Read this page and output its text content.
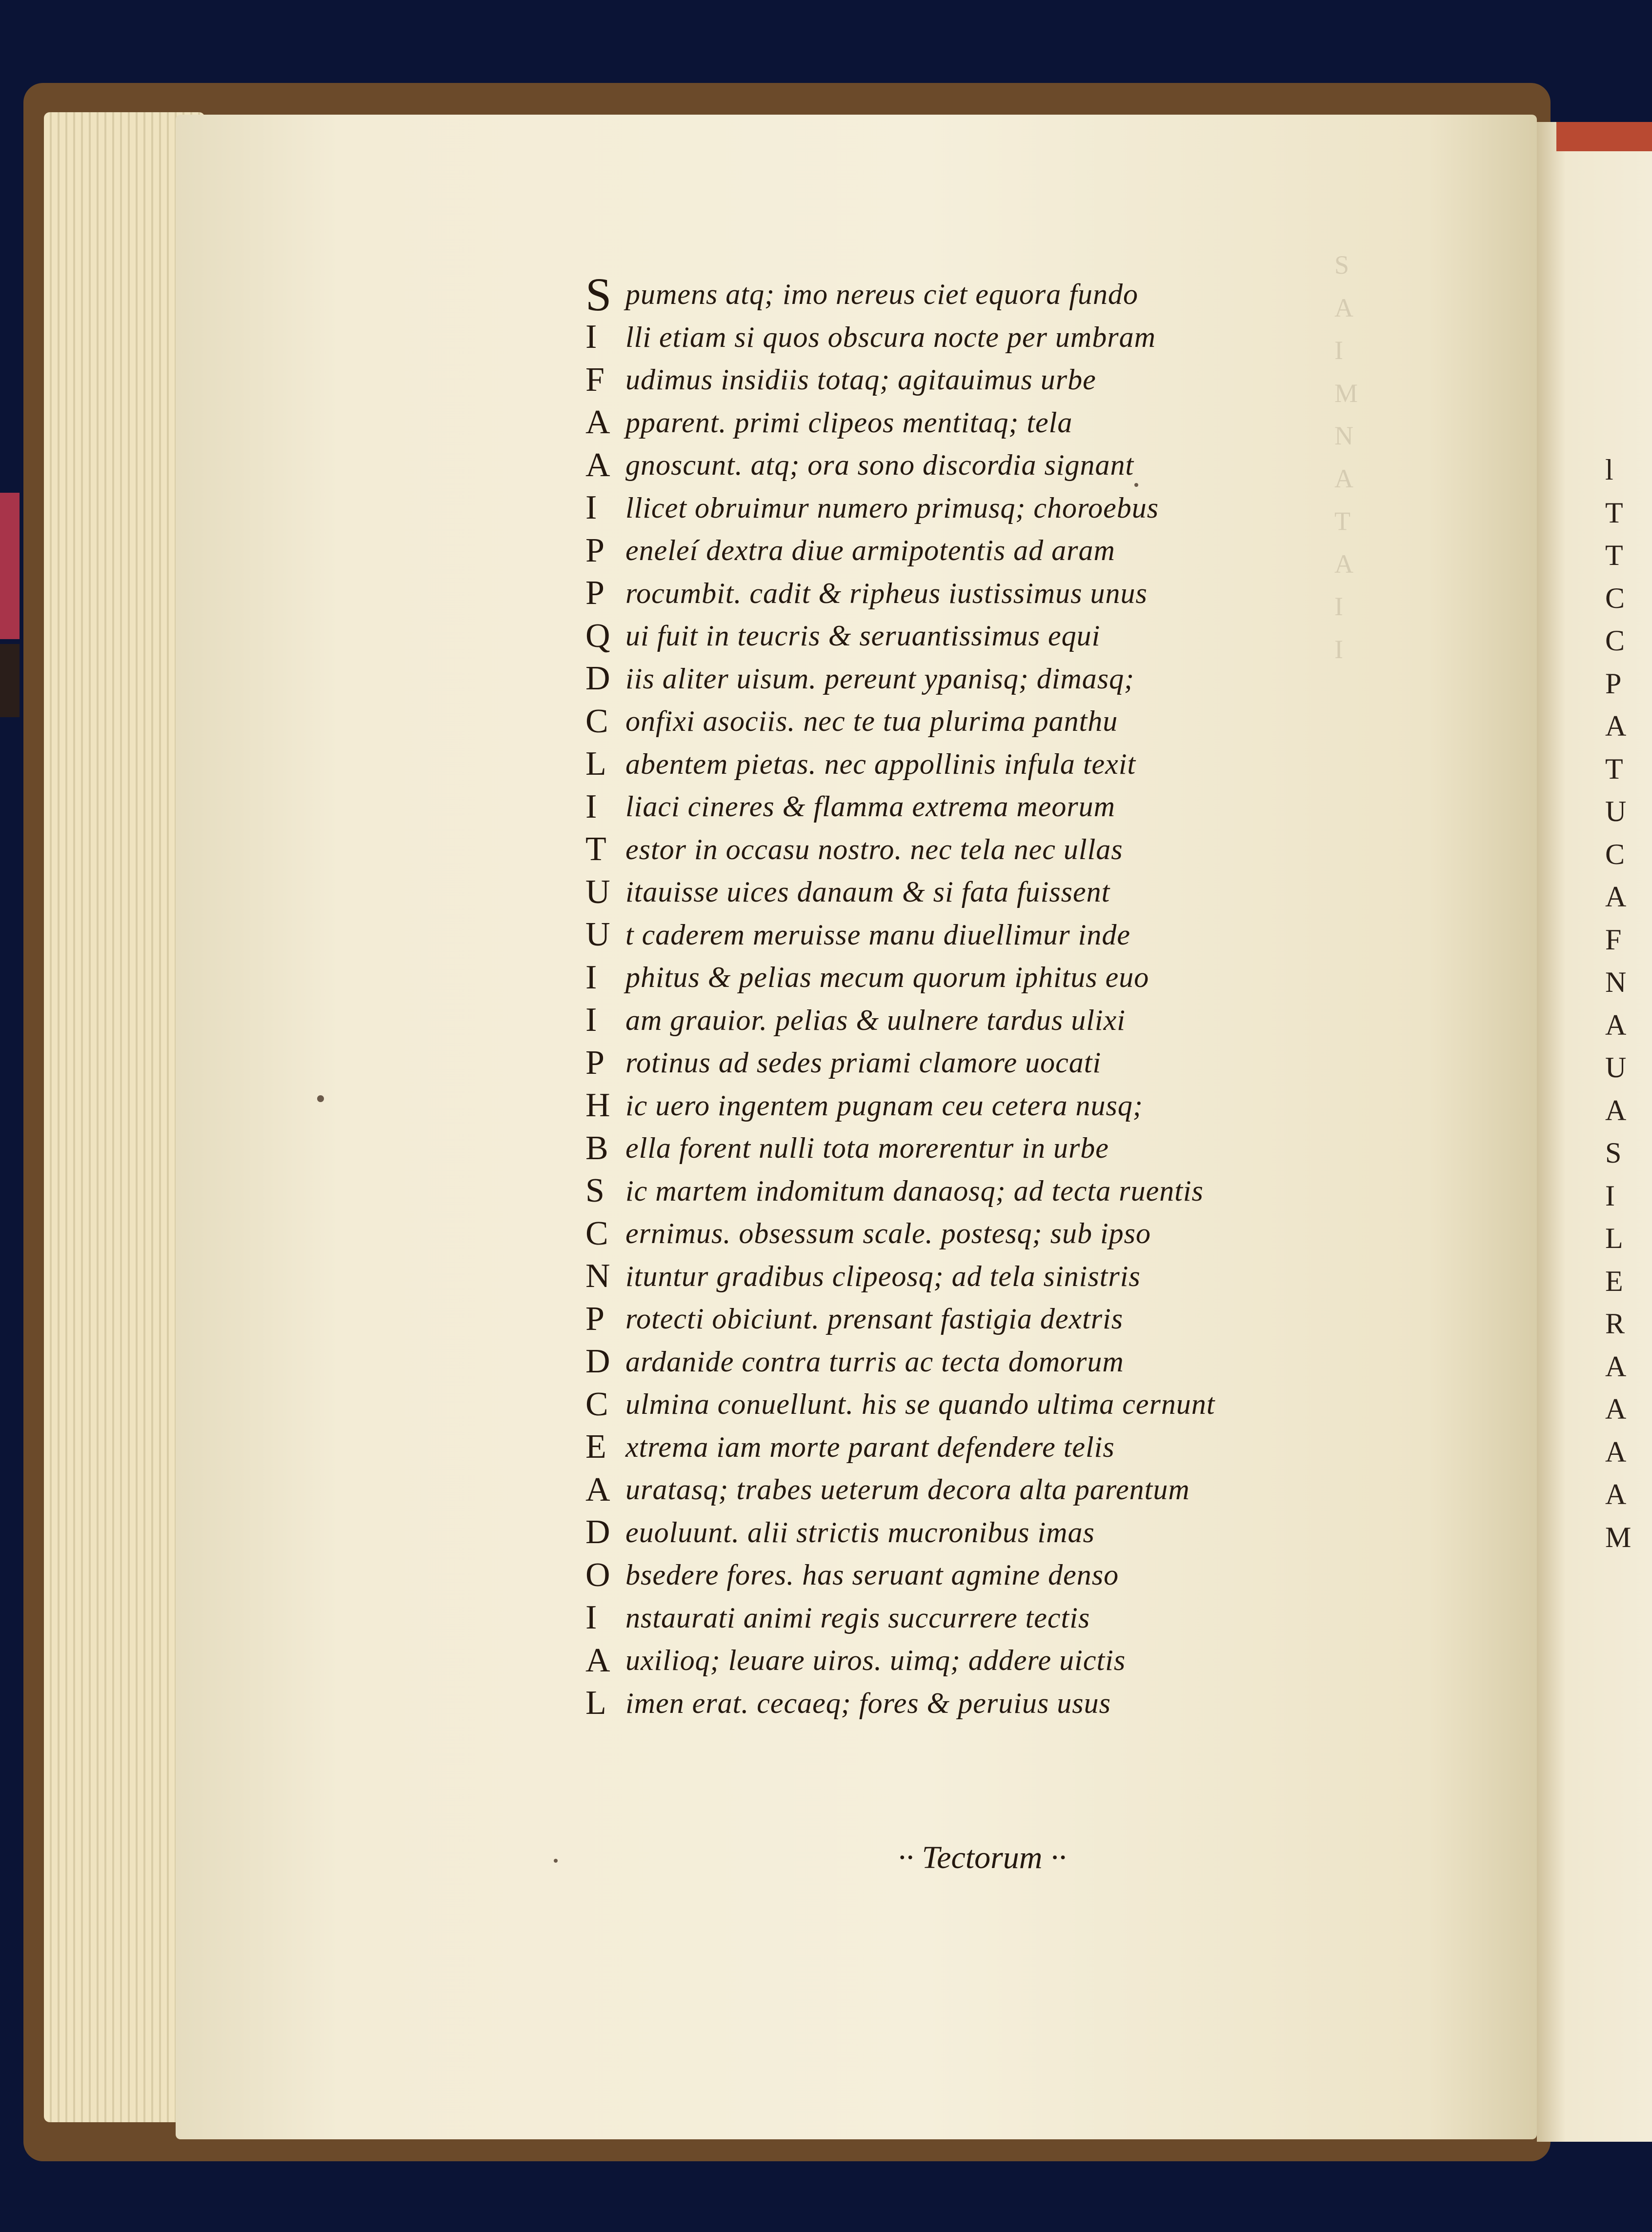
S
A
I
M
N
A
T
A
I
I
l
T
T
C
C
P
A
T
U
C
A
F
N
A
U
A
S
I
L
E
R
A
A
A
A
M
S pumens atq; imo nereus ciet equora fundo
I lli etiam si quos obscura nocte per umbram
F udimus insidiis totaq; agitauimus urbe
A pparent. primi clipeos mentitaq; tela
A gnoscunt. atq; ora sono discordia signant
I llicet obruimur numero primusq; choroebus
P eneleí dextra diue armipotentis ad aram
P rocumbit. cadit & ripheus iustissimus unus
Q ui fuit in teucris & seruantissimus equi
D iis aliter uisum. pereunt ypanisq; dimasq;
C onfixi asociis. nec te tua plurima panthu
L abentem pietas. nec appollinis infula texit
I liaci cineres & flamma extrema meorum
T estor in occasu nostro. nec tela nec ullas
U itauisse uices danaum & si fata fuissent
U t caderem meruisse manu diuellimur inde
I phitus & pelias mecum quorum iphitus euo
I am grauior. pelias & uulnere tardus ulixi
P rotinus ad sedes priami clamore uocati
H ic uero ingentem pugnam ceu cetera nusq;
B ella forent nulli tota morerentur in urbe
S ic martem indomitum danaosq; ad tecta ruentis
C ernimus. obsessum scale. postesq; sub ipso
N ituntur gradibus clipeosq; ad tela sinistris
P rotecti obiciunt. prensant fastigia dextris
D ardanide contra turris ac tecta domorum
C ulmina conuellunt. his se quando ultima cernunt
E xtrema iam morte parant defendere telis
A uratasq; trabes ueterum decora alta parentum
D euoluunt. alii strictis mucronibus imas
O bsedere fores. has seruant agmine denso
I nstaurati animi regis succurrere tectis
A uxilioq; leuare uiros. uimq; addere uictis
L imen erat. cecaeq; fores & peruius usus
·· Tectorum ··
